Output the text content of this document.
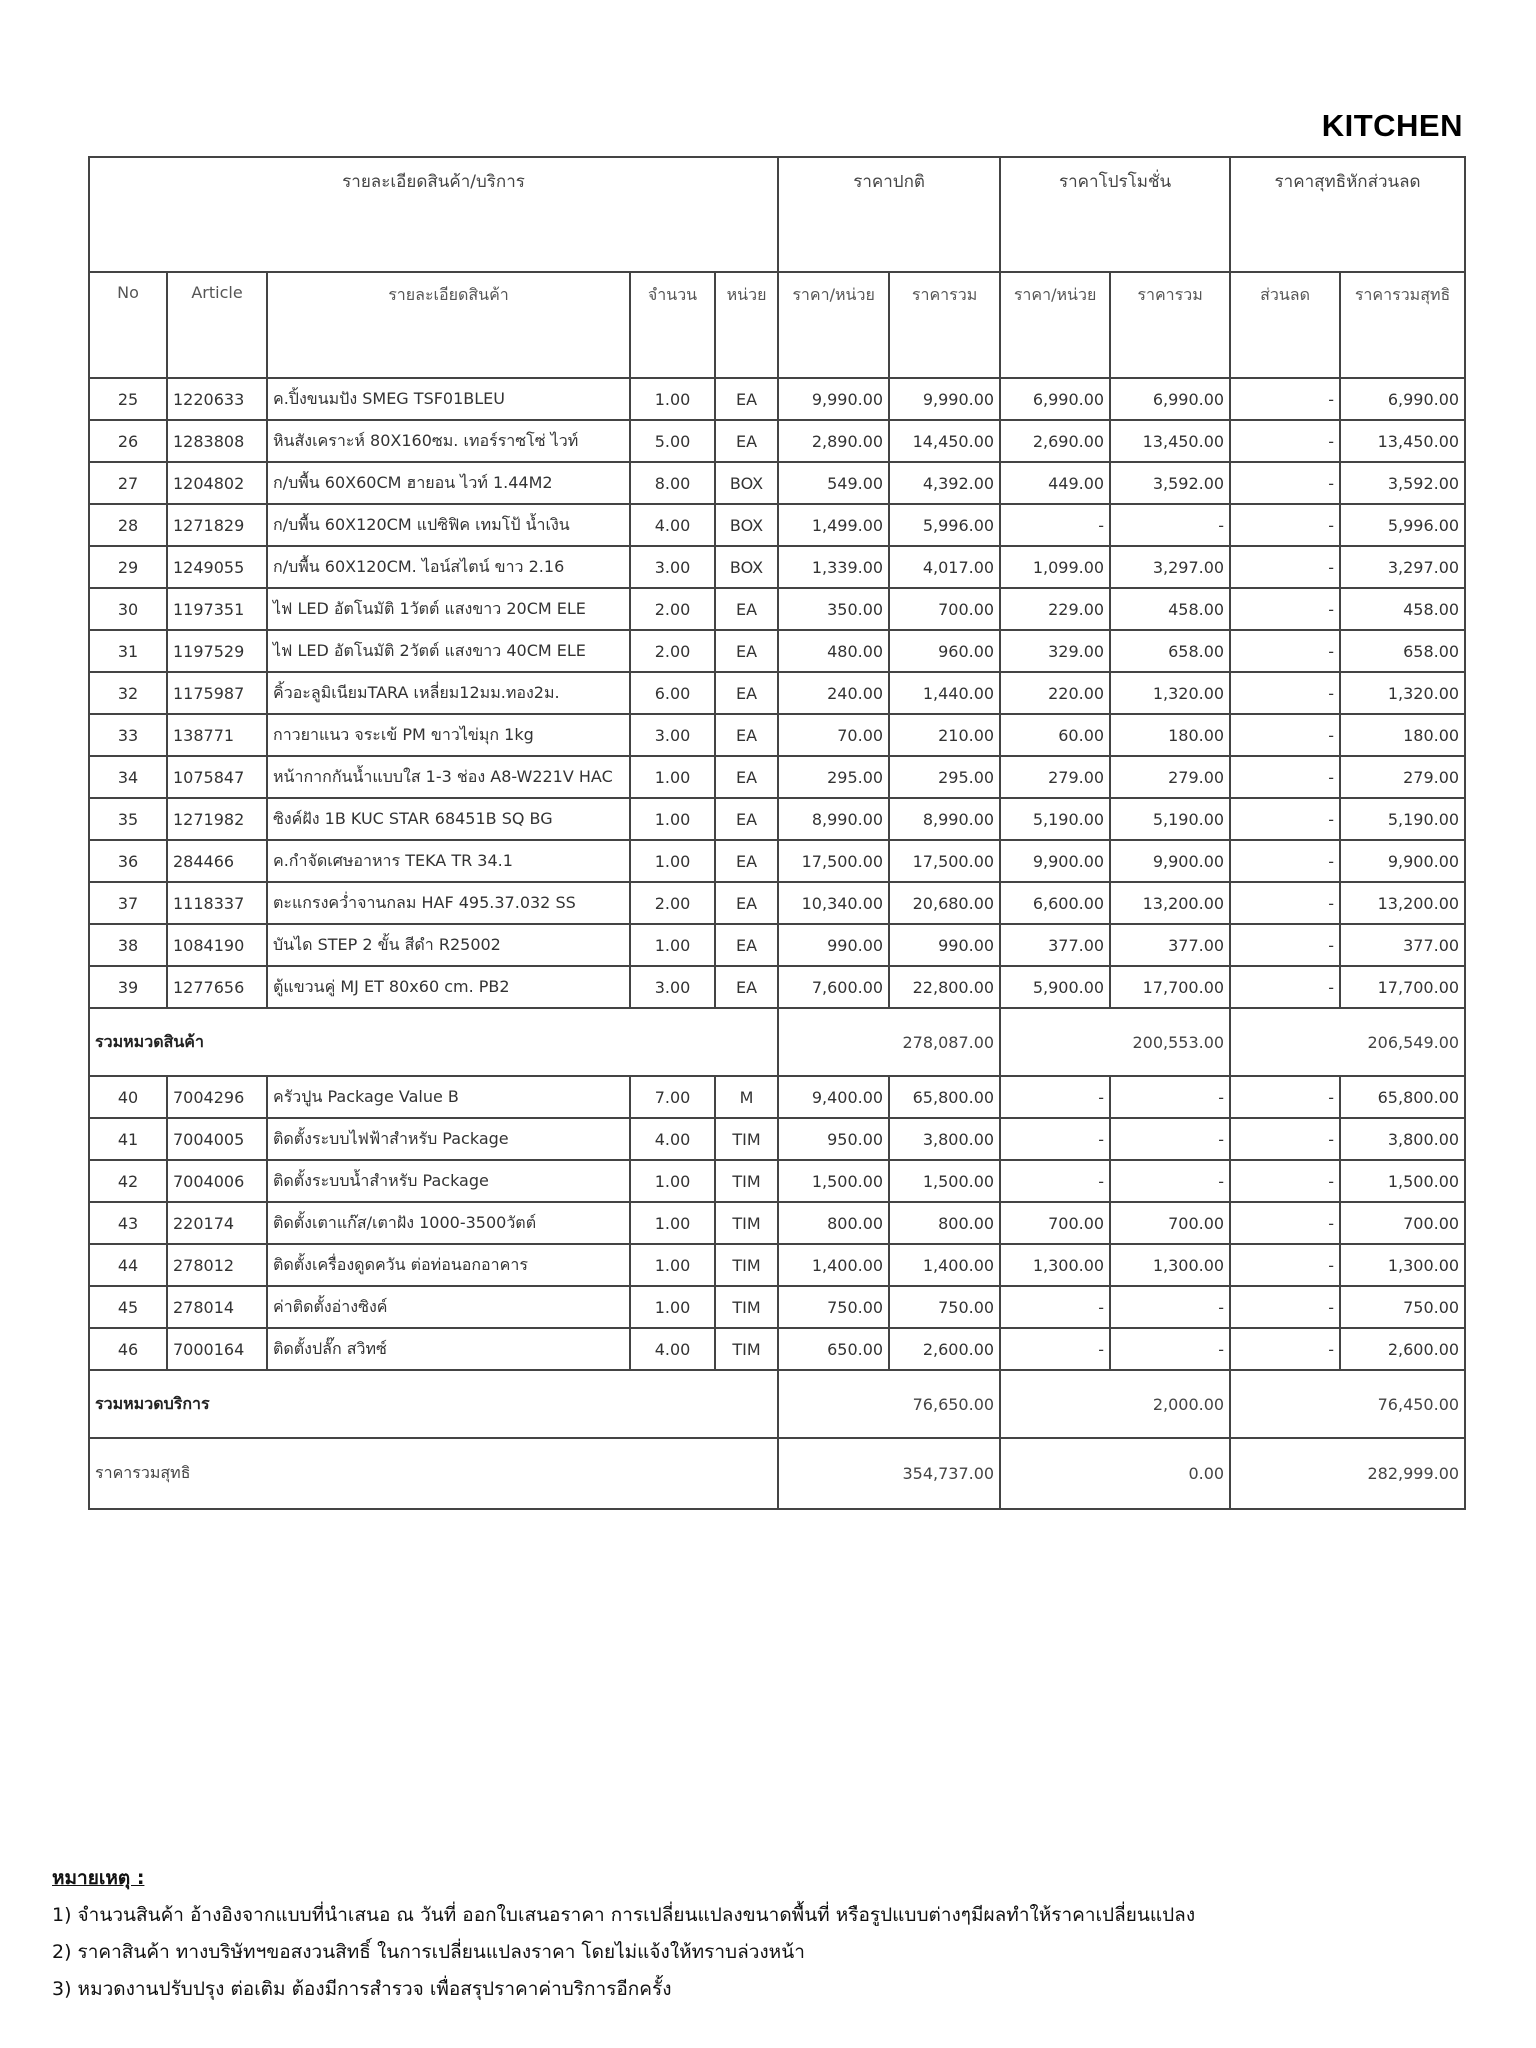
KITCHEN
รายละเอียดสินค้า/บริการ					ราคาปกติ		ราคาโปรโมชั่น		ราคาสุทธิหักส่วนลด	
No	Article	รายละเอียดสินค้า	จำนวน	หน่วย	ราคา/หน่วย	ราคารวม	ราคา/หน่วย	ราคารวม	ส่วนลด	ราคารวมสุทธิ
25	1220633	ค.ปิ้งขนมปัง SMEG TSF01BLEU	1.00	EA	9,990.00	9,990.00	6,990.00	6,990.00	-	6,990.00
26	1283808	หินสังเคราะห์ 80X160ซม. เทอร์ราซโซ่ ไวท์	5.00	EA	2,890.00	14,450.00	2,690.00	13,450.00	-	13,450.00
27	1204802	ก/บพื้น 60X60CM ฮายอน ไวท์ 1.44M2	8.00	BOX	549.00	4,392.00	449.00	3,592.00	-	3,592.00
28	1271829	ก/บพื้น 60X120CM แปซิฟิค เทมโป้ น้ำเงิน	4.00	BOX	1,499.00	5,996.00	-	-	-	5,996.00
29	1249055	ก/บพื้น 60X120CM. ไอน์สไตน์ ขาว 2.16	3.00	BOX	1,339.00	4,017.00	1,099.00	3,297.00	-	3,297.00
30	1197351	ไฟ LED อัตโนมัติ 1วัตต์ แสงขาว 20CM ELE	2.00	EA	350.00	700.00	229.00	458.00	-	458.00
31	1197529	ไฟ LED อัตโนมัติ 2วัตต์ แสงขาว 40CM ELE	2.00	EA	480.00	960.00	329.00	658.00	-	658.00
32	1175987	คิ้วอะลูมิเนียมTARA เหลี่ยม12มม.ทอง2ม.	6.00	EA	240.00	1,440.00	220.00	1,320.00	-	1,320.00
33	138771	กาวยาแนว จระเข้ PM ขาวไข่มุก 1kg	3.00	EA	70.00	210.00	60.00	180.00	-	180.00
34	1075847	หน้ากากกันน้ำแบบใส 1-3 ช่อง A8-W221V HAC	1.00	EA	295.00	295.00	279.00	279.00	-	279.00
35	1271982	ซิงค์ฝัง 1B KUC STAR 68451B SQ BG	1.00	EA	8,990.00	8,990.00	5,190.00	5,190.00	-	5,190.00
36	284466	ค.กำจัดเศษอาหาร TEKA TR 34.1	1.00	EA	17,500.00	17,500.00	9,900.00	9,900.00	-	9,900.00
37	1118337	ตะแกรงคว่ำจานกลม HAF 495.37.032 SS	2.00	EA	10,340.00	20,680.00	6,600.00	13,200.00	-	13,200.00
38	1084190	บันได STEP 2 ขั้น สีดำ R25002	1.00	EA	990.00	990.00	377.00	377.00	-	377.00
39	1277656	ตู้แขวนคู่ MJ ET 80x60 cm. PB2	3.00	EA	7,600.00	22,800.00	5,900.00	17,700.00	-	17,700.00
รวมหมวดสินค้า					278,087.00		200,553.00		206,549.00	
40	7004296	ครัวปูน Package Value B	7.00	M	9,400.00	65,800.00	-	-	-	65,800.00
41	7004005	ติดตั้งระบบไฟฟ้าสำหรับ Package	4.00	TIM	950.00	3,800.00	-	-	-	3,800.00
42	7004006	ติดตั้งระบบน้ำสำหรับ Package	1.00	TIM	1,500.00	1,500.00	-	-	-	1,500.00
43	220174	ติดตั้งเตาแก๊ส/เตาฝัง 1000-3500วัตต์	1.00	TIM	800.00	800.00	700.00	700.00	-	700.00
44	278012	ติดตั้งเครื่องดูดควัน ต่อท่อนอกอาคาร	1.00	TIM	1,400.00	1,400.00	1,300.00	1,300.00	-	1,300.00
45	278014	ค่าติดตั้งอ่างซิงค์	1.00	TIM	750.00	750.00	-	-	-	750.00
46	7000164	ติดตั้งปลั๊ก สวิทซ์	4.00	TIM	650.00	2,600.00	-	-	-	2,600.00
รวมหมวดบริการ					76,650.00		2,000.00		76,450.00	
ราคารวมสุทธิ					354,737.00		0.00		282,999.00	
หมายเหตุ :
1) จำนวนสินค้า อ้างอิงจากแบบที่นำเสนอ ณ วันที่ ออกใบเสนอราคา การเปลี่ยนแปลงขนาดพื้นที่ หรือรูปแบบต่างๆมีผลทำให้ราคาเปลี่ยนแปลง
2) ราคาสินค้า ทางบริษัทฯขอสงวนสิทธิ์ ในการเปลี่ยนแปลงราคา โดยไม่แจ้งให้ทราบล่วงหน้า
3) หมวดงานปรับปรุง ต่อเติม ต้องมีการสำรวจ เพื่อสรุปราคาค่าบริการอีกครั้ง
